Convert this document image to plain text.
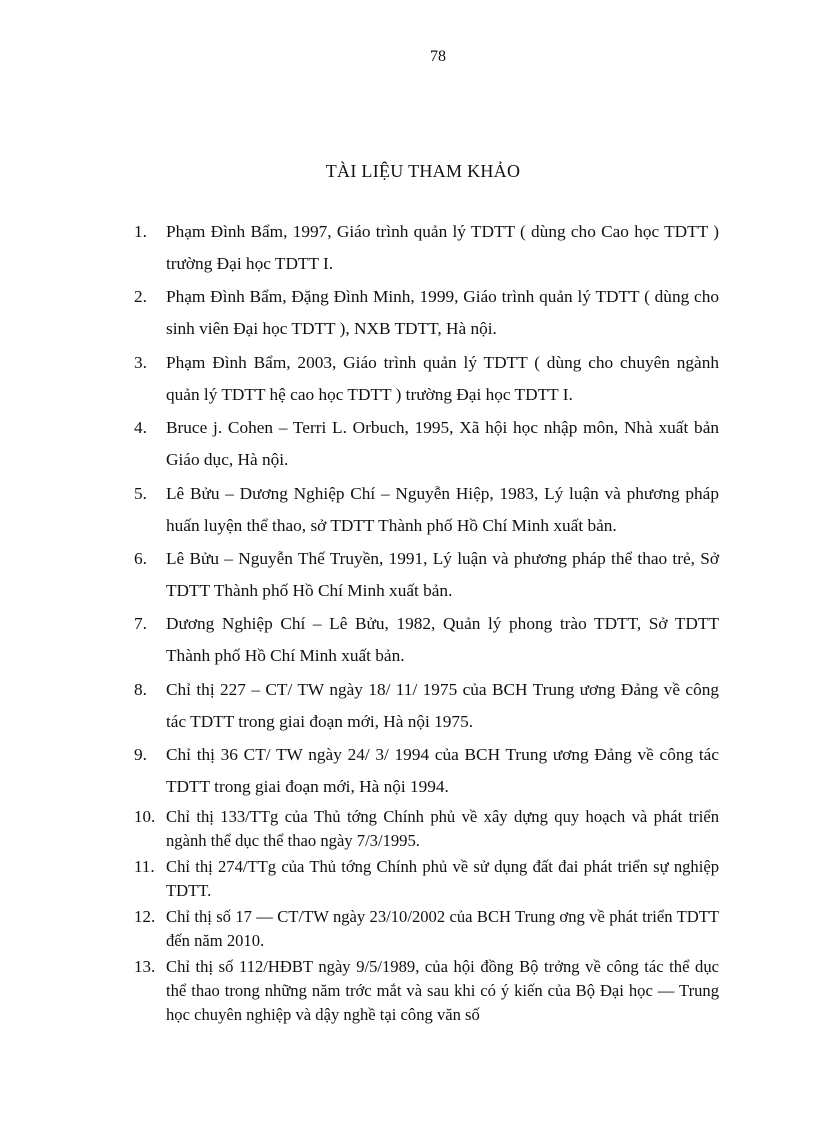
78
TÀI LIỆU THAM KHẢO
1. Phạm Đình Bẩm, 1997, Giáo trình quản lý TDTT ( dùng cho Cao học TDTT ) trường Đại học TDTT I.
2. Phạm Đình Bẩm, Đặng Đình Minh, 1999, Giáo trình quản lý TDTT ( dùng cho sinh viên Đại học TDTT ), NXB TDTT, Hà nội.
3. Phạm Đình Bẩm, 2003, Giáo trình quản lý TDTT ( dùng cho chuyên ngành quản lý TDTT hệ cao học TDTT ) trường Đại học TDTT I.
4. Bruce j. Cohen – Terri L. Orbuch, 1995, Xã hội học nhập môn, Nhà xuất bản Giáo dục, Hà nội.
5. Lê Bửu – Dương Nghiệp Chí – Nguyễn Hiệp, 1983, Lý luận và phương pháp huấn luyện thể thao, sở TDTT Thành phố Hồ Chí Minh xuất bản.
6. Lê Bửu – Nguyễn Thế Truyền, 1991, Lý luận và phương pháp thể thao trẻ, Sở TDTT Thành phố Hồ Chí Minh xuất bản.
7. Dương Nghiệp Chí – Lê Bửu, 1982, Quản lý phong trào TDTT, Sở TDTT Thành phố Hồ Chí Minh xuất bản.
8. Chỉ thị 227 – CT/ TW ngày 18/ 11/ 1975 của BCH Trung ương Đảng về công tác TDTT trong giai đoạn mới, Hà nội 1975.
9. Chỉ thị 36 CT/ TW ngày 24/ 3/ 1994 của BCH Trung ương Đảng về công tác TDTT trong giai đoạn mới, Hà nội 1994.
10. Chỉ thị 133/TTg của Thủ tớng Chính phủ về xây dựng quy hoạch và phát triển ngành thể dục thể thao ngày 7/3/1995.
11. Chỉ thị 274/TTg của Thủ tớng Chính phủ về sử dụng đất đai phát triển sự nghiệp TDTT.
12. Chỉ thị số 17 — CT/TW ngày 23/10/2002 của BCH Trung ơng về phát triển TDTT đến năm 2010.
13. Chỉ thị số 112/HĐBT ngày 9/5/1989, của hội đồng Bộ trởng về công tác thể dục thể thao trong những năm trớc mắt và sau khi có ý kiến của Bộ Đại học — Trung học chuyên nghiệp và dậy nghề tại công văn số
